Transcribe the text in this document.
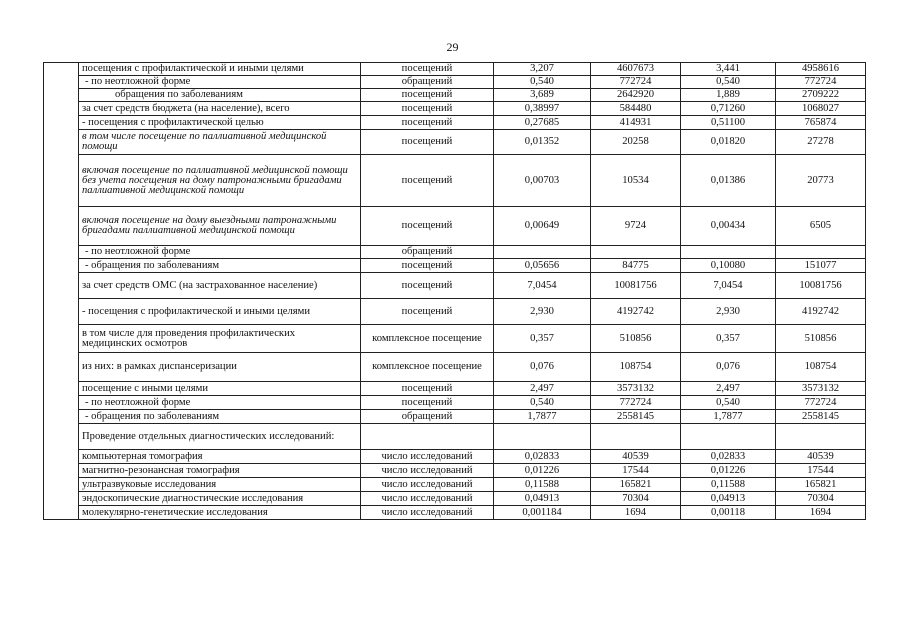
29
	посещения с профилактической и иными целями	посещений	3,207	4607673	3,441	4958616
	- по неотложной форме	обращений	0,540	772724	0,540	772724
	обращения по заболеваниям	посещений	3,689	2642920	1,889	2709222
	за счет средств бюджета (на население), всего	посещений	0,38997	584480	0,71260	1068027
	- посещения с профилактической целью	посещений	0,27685	414931	0,51100	765874
	в том числе посещение по паллиативной медицинской помощи	посещений	0,01352	20258	0,01820	27278
	включая посещение по паллиативной медицинской помощи без учета посещения на дому патронажными бригадами паллиативной медицинской помощи	посещений	0,00703	10534	0,01386	20773
	включая посещение на дому выездными патронажными бригадами паллиативной медицинской помощи	посещений	0,00649	9724	0,00434	6505
	- по неотложной форме	обращений				
	- обращения по заболеваниям	посещений	0,05656	84775	0,10080	151077
	за счет средств ОМС (на застрахованное население)	посещений	7,0454	10081756	7,0454	10081756
	- посещения с профилактической и иными целями	посещений	2,930	4192742	2,930	4192742
	в том числе для проведения профилактических медицинских осмотров	комплексное посещение	0,357	510856	0,357	510856
	из них: в рамках диспансеризации	комплексное посещение	0,076	108754	0,076	108754
	посещение с иными целями	посещений	2,497	3573132	2,497	3573132
	- по неотложной форме	посещений	0,540	772724	0,540	772724
	- обращения по заболеваниям	обращений	1,7877	2558145	1,7877	2558145
	Проведение отдельных диагностических исследований:					
	компьютерная томография	число исследований	0,02833	40539	0,02833	40539
	магнитно-резонансная томография	число исследований	0,01226	17544	0,01226	17544
	ультразвуковые исследования	число исследований	0,11588	165821	0,11588	165821
	эндоскопические диагностические исследования	число исследований	0,04913	70304	0,04913	70304
	молекулярно-генетические исследования	число исследований	0,001184	1694	0,00118	1694
